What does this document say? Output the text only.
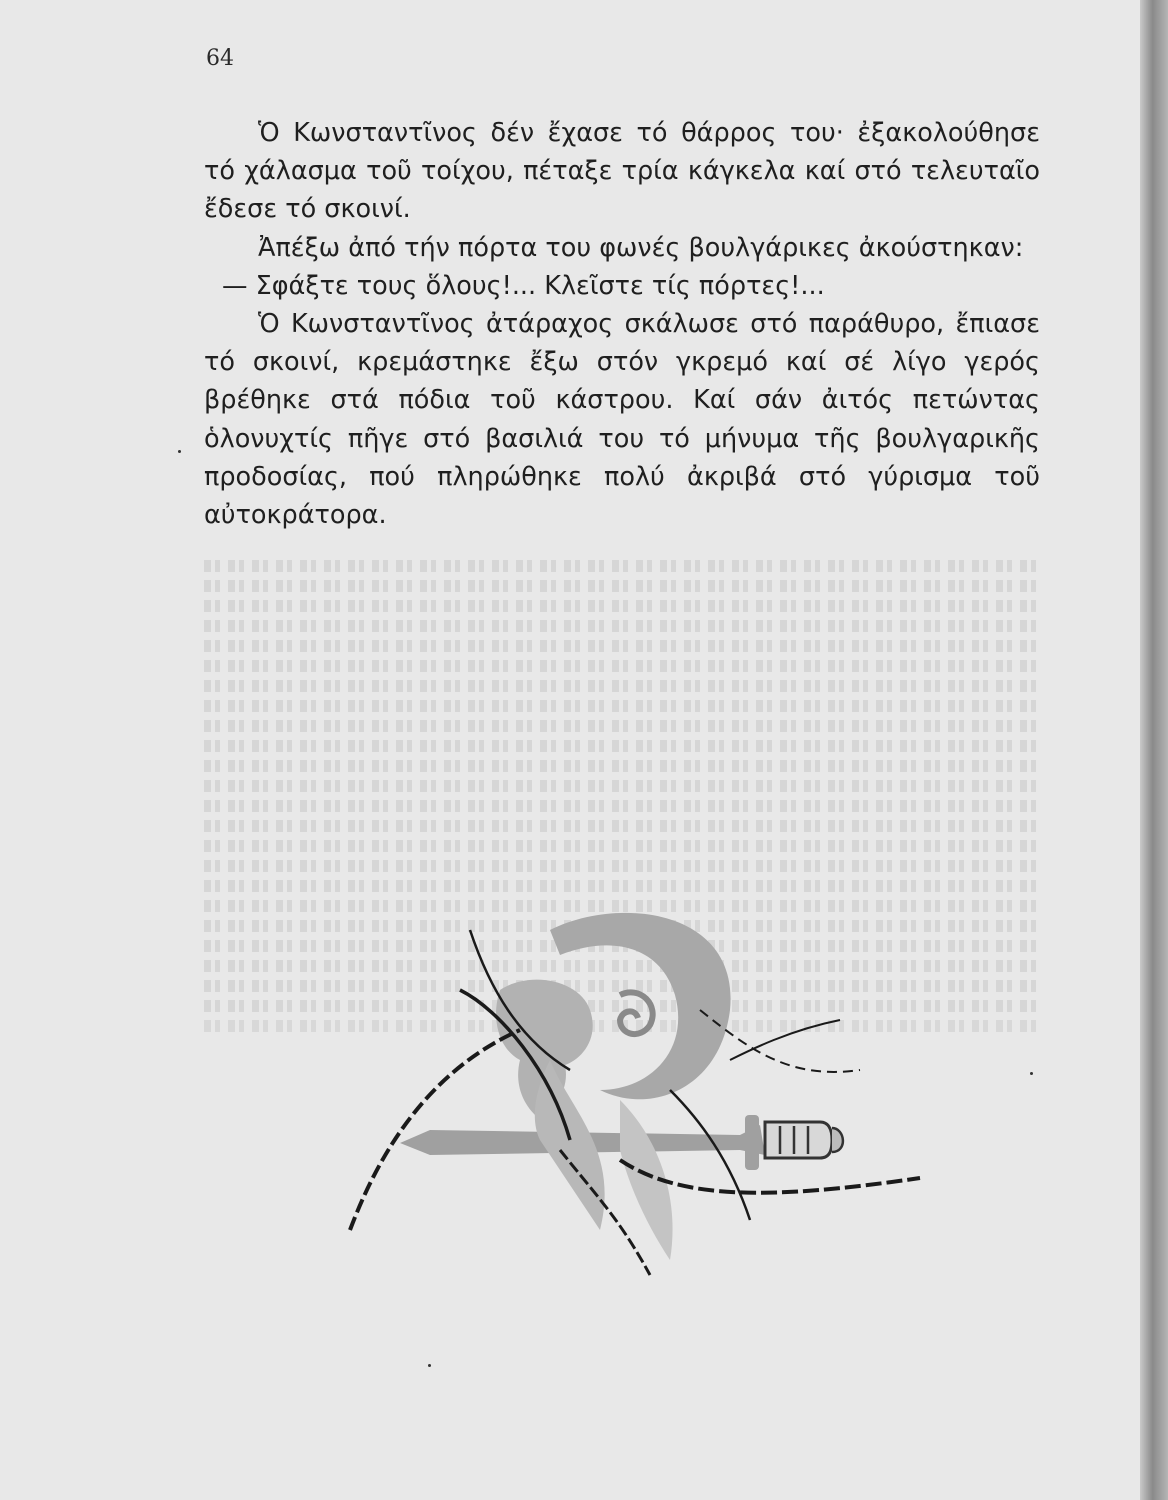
64

Ὁ Κωνσταντῖνος δέν ἔχασε τό θάρρος του· ἐξακολούθησε τό χάλασμα τοῦ τοίχου, πέταξε τρία κάγκελα καί στό τελευταῖο ἔδεσε τό σκοινί.

Ἀπέξω ἀπό τήν πόρτα του φωνές βουλγάρικες ἀκούστηκαν:

— Σφάξτε τους ὅλους!... Κλεῖστε τίς πόρτες!...

Ὁ Κωνσταντῖνος ἀτάραχος σκάλωσε στό παράθυρο, ἔπιασε τό σκοινί, κρεμάστηκε ἔξω στόν γκρεμό καί σέ λίγο γερός βρέθηκε στά πόδια τοῦ κάστρου. Καί σάν ἀιτός πετώντας ὁλονυχτίς πῆγε στό βασιλιά του τό μήνυμα τῆς βουλγαρικῆς προδοσίας, πού πληρώθηκε πολύ ἀκριβά στό γύρισμα τοῦ αὐτοκράτορα.
